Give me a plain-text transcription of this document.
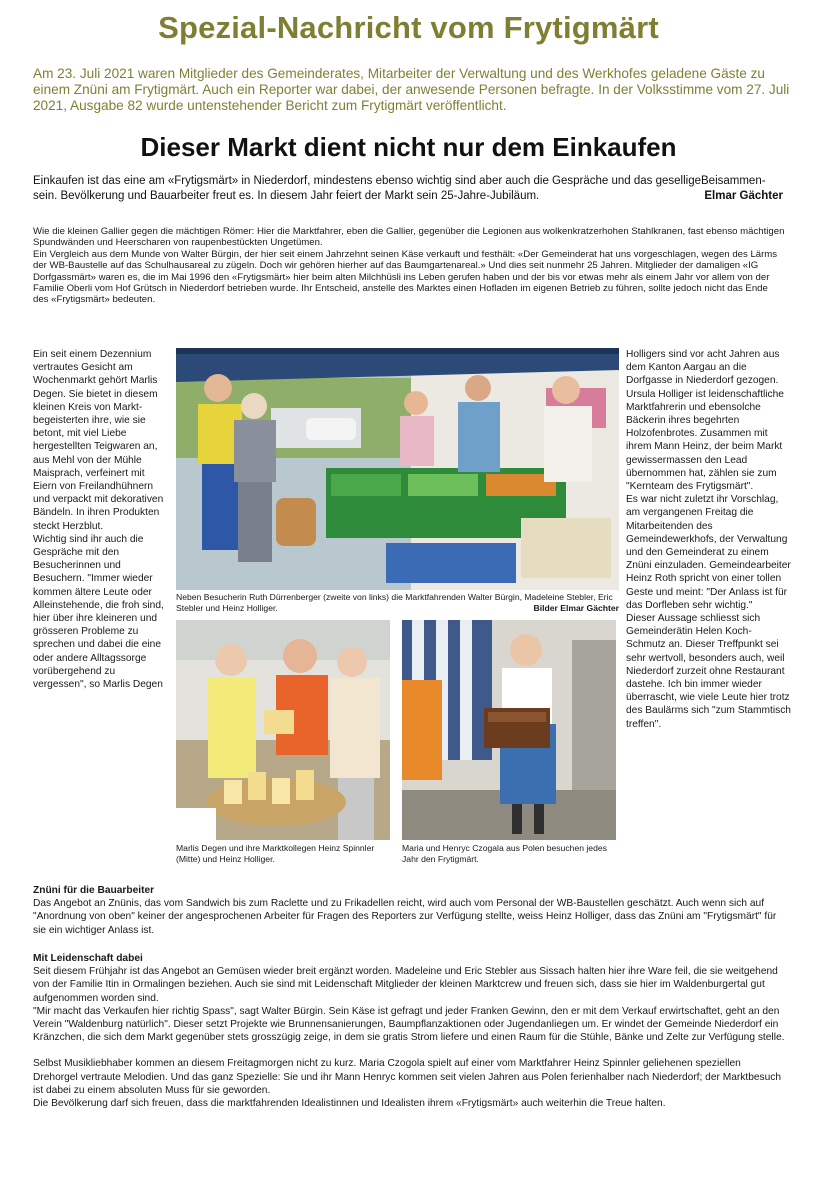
Spezial-Nachricht vom Frytigmärt
Am 23. Juli 2021 waren Mitglieder des Gemeinderates, Mitarbeiter der Verwaltung und des Werkhofes geladene Gäste zu einem Znüni am Frytigmärt. Auch ein Reporter war dabei, der anwesende Personen befragte. In der Volksstimme vom 27. Juli 2021, Ausgabe 82 wurde untenstehender Bericht zum Frytigmärt veröffentlicht.
Dieser Markt dient nicht nur dem Einkaufen
Einkaufen ist das eine am «Frytigsmärt» in Niederdorf, mindestens ebenso wichtig sind aber auch die Gespräche und das geselligeBeisammen-sein. Bevölkerung und Bauarbeiter freut es. In diesem Jahr feiert der Markt sein 25-Jahre-Jubiläum.	Elmar Gächter

Wie die kleinen Gallier gegen die mächtigen Römer: Hier die Marktfahrer, eben die Gallier, gegenüber die Legionen aus wolkenkratzerhohen Stahlkranen, fast ebenso mächtigen Spundwänden und Heerscharen von raupenbestückten Ungetümen.

Ein Vergleich aus dem Munde von Walter Bürgin, der hier seit einem Jahrzehnt seinen Käse verkauft und festhält: «Der Gemeinderat hat uns vorgeschlagen, wegen des Lärms der WB-Baustelle auf das Schulhausareal zu zügeln. Doch wir gehören hierher auf das Baumgartenareal.» Und dies seit nunmehr 25 Jahren. Mitglieder der damaligen «IG Dorfgassmärt» waren es, die im Mai 1996 den «Frytigsmärt» hier beim alten Milchhüsli ins Leben gerufen haben und der bis vor etwas mehr als einem Jahr vor allem von der Familie Oberli vom Hof Grütsch in Niederdorf betrieben wurde. Ihr Entscheid, anstelle des Marktes einen Hofladen im eigenen Betrieb zu führen, sollte jedoch nicht das Ende des «Frytigsmärt» bedeuten.

Ein seit einem Dezennium vertrautes Gesicht am Wochenmarkt gehört Marlis Degen. Sie bietet in diesem kleinen Kreis von Markt-begeisterten ihre, wie sie betont, mit viel Liebe hergestellten Teigwaren an, aus Mehl von der Mühle Maisprach, verfeinert mit Eiern von Freilandhühnern und verpackt mit dekorativen Bändeln. In ihren Produkten steckt Herzblut.

Wichtig sind ihr auch die Gespräche mit den Besucherinnen und Besuchern. "Immer wieder kommen ältere Leute oder Alleinstehende, die froh sind, hier über ihre kleineren und grösseren Probleme zu sprechen und dabei die eine oder andere Alltagssorge vorübergehend zu vergessen", so Marlis Degen

Neben Besucherin Ruth Dürrenberger (zweite von links) die Marktfahrenden Walter Bürgin, Madeleine Stebler, Eric Stebler und Heinz Holliger.	Bilder Elmar Gächter

Holligers sind vor acht Jahren aus dem Kanton Aargau an die Dorfgasse in Niederdorf gezogen. Ursula Holliger ist leidenschaftliche Marktfahrerin und ebensolche Bäckerin ihres begehrten Holzofenbrotes. Zusammen mit ihrem Mann Heinz, der beim Markt gewissermassen den Lead übernommen hat, zählen sie zum "Kernteam des Frytigsmärt".

Es war nicht zuletzt ihr Vorschlag, am vergangenen Freitag die Mitarbeitenden des Gemeindewerkhofs, der Verwaltung und den Gemeinderat zu einem Znüni einzuladen. Gemeindearbeiter Heinz Roth spricht von einer tollen Geste und meint: "Der Anlass ist für das Dorfleben sehr wichtig."

Dieser Aussage schliesst sich Gemeinderätin Helen Koch-Schmutz an. Dieser Treffpunkt sei sehr wertvoll, besonders auch, weil Niederdorf zurzeit ohne Restaurant dastehe. Ich bin immer wieder überrascht, wie viele Leute hier trotz des Baulärms sich "zum Stammtisch treffen".

Marlis Degen und ihre Marktkollegen Heinz Spinnler (Mitte) und Heinz Holliger.
Maria und Henryc Czogala aus Polen besuchen jedes Jahr den Frytigmärt.

Znüni für die Bauarbeiter

Das Angebot an Znünis, das vom Sandwich bis zum Raclette und zu Frikadellen reicht, wird auch vom Personal der WB-Baustellen geschätzt. Auch wenn sich auf "Anordnung von oben" keiner der angesprochenen Arbeiter für Fragen des Reporters zur Verfügung stellte, weiss Heinz Holliger, dass das Znüni am "Frytigsmärt" für sie ein wichtiger Anlass ist.

Mit Leidenschaft dabei

Seit diesem Frühjahr ist das Angebot an Gemüsen wieder breit ergänzt worden. Madeleine und Eric Stebler aus Sissach halten hier ihre Ware feil, die sie weitgehend von der Familie Itin in Ormalingen beziehen. Auch sie sind mit Leidenschaft Mitglieder der kleinen Marktcrew und freuen sich, dass sie hier im Waldenburgertal gut aufgenommen worden sind.

"Mir macht das Verkaufen hier richtig Spass", sagt Walter Bürgin. Sein Käse ist gefragt und jeder Franken Gewinn, den er mit dem Verkauf erwirtschaftet, geht an den Verein "Waldenburg natürlich". Dieser setzt Projekte wie Brunnensanierungen, Baumpflanzaktionen oder Jugendanliegen um. Er windet der Gemeinde Niederdorf ein Kränzchen, die sich dem Markt gegenüber stets grosszügig zeige, in dem sie gratis Strom liefere und einen Raum für die Stühle, Bänke und Zelte zur Verfügung stelle.

Selbst Musikliebhaber kommen an diesem Freitagmorgen nicht zu kurz. Maria Czogola spielt auf einer vom Marktfahrer Heinz Spinnler geliehenen speziellen Drehorgel vertraute Melodien. Und das ganz Spezielle: Sie und ihr Mann Henryc kommen seit vielen Jahren aus Polen ferienhalber nach Niederdorf; der Marktbesuch ist dabei zu einem absoluten Muss für sie geworden.

Die Bevölkerung darf sich freuen, dass die marktfahrenden Idealistinnen und Idealisten ihrem «Frytigsmärt» auch weiterhin die Treue halten.
